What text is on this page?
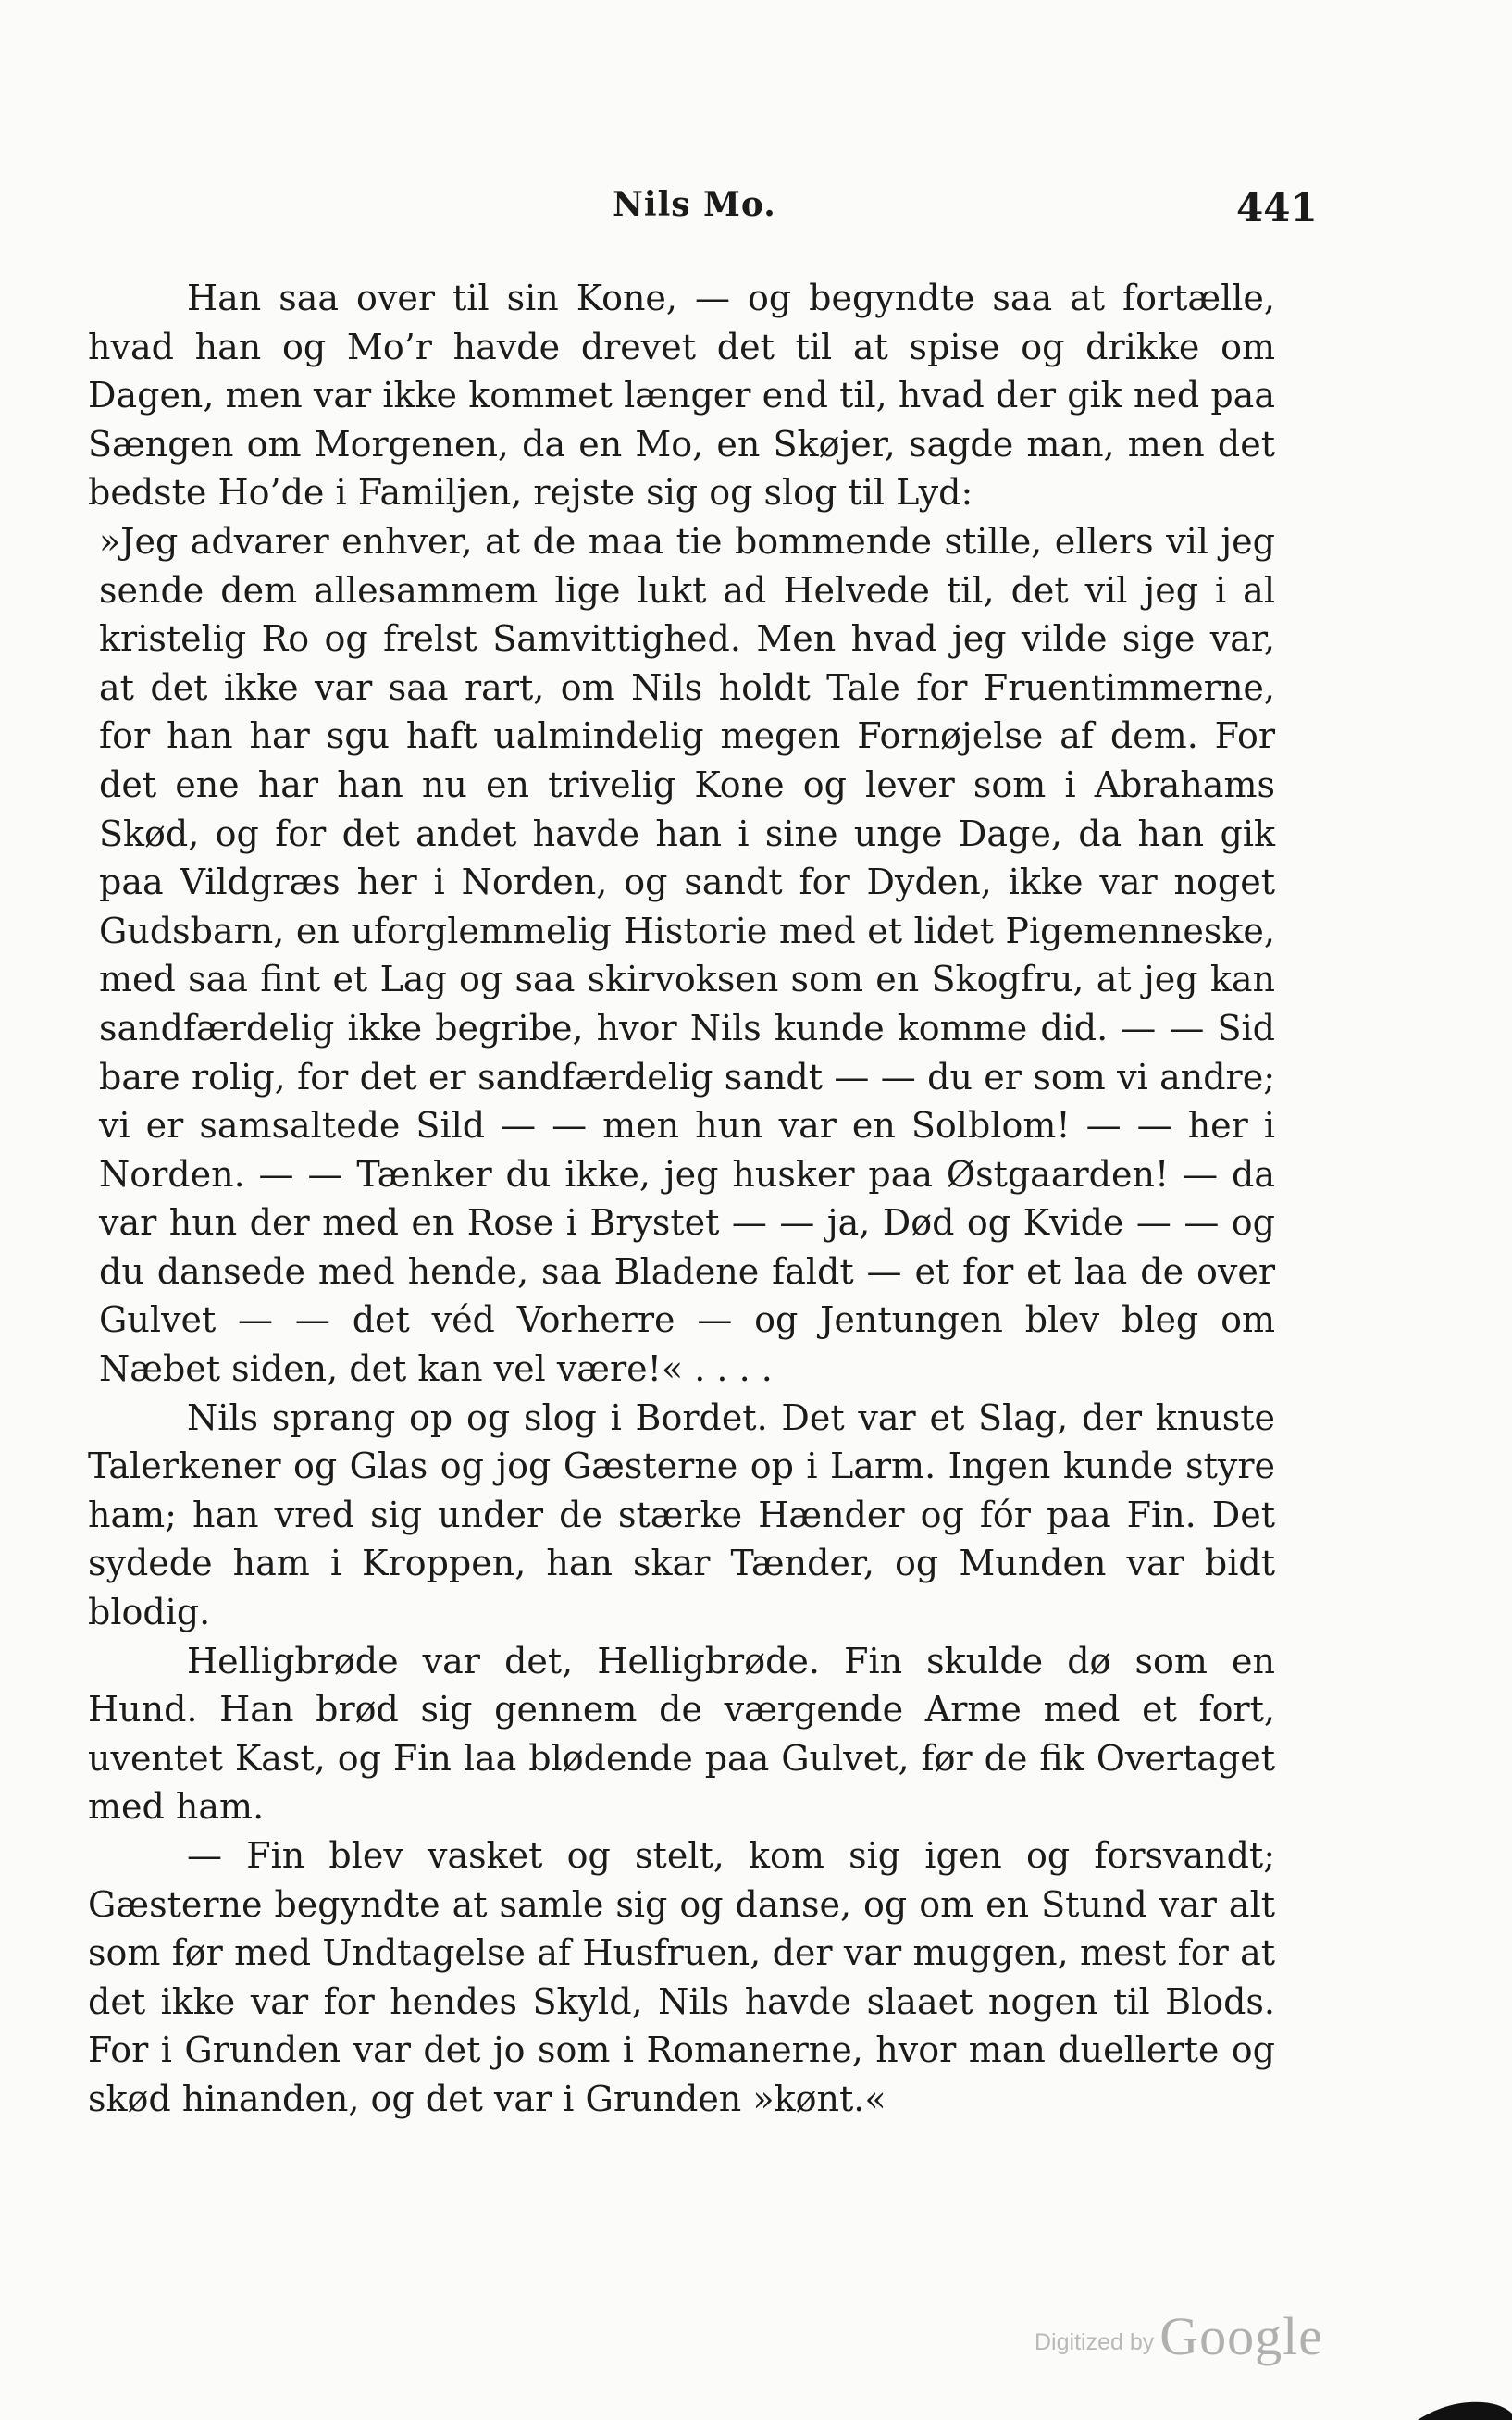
Nils Mo.	441

Han saa over til sin Kone, — og begyndte saa at fortælle, hvad han og Mo’r havde drevet det til at spise og drikke om Dagen, men var ikke kommet længer end til, hvad der gik ned paa Sængen om Morgenen, da en Mo, en Skøjer, sagde man, men det bedste Ho’de i Familjen, rejste sig og slog til Lyd:

»Jeg advarer enhver, at de maa tie bommende stille, ellers vil jeg sende dem allesammem lige lukt ad Helvede til, det vil jeg i al kristelig Ro og frelst Samvittighed. Men hvad jeg vilde sige var, at det ikke var saa rart, om Nils holdt Tale for Fruentimmerne, for han har sgu haft ualmindelig megen Fornøjelse af dem. For det ene har han nu en trivelig Kone og lever som i Abrahams Skød, og for det andet havde han i sine unge Dage, da han gik paa Vildgræs her i Norden, og sandt for Dyden, ikke var noget Gudsbarn, en uforglemmelig Historie med et lidet Pigemenneske, med saa fint et Lag og saa skirvoksen som en Skogfru, at jeg kan sandfærdelig ikke begribe, hvor Nils kunde komme did. — — Sid bare rolig, for det er sandfærdelig sandt — — du er som vi andre; vi er samsaltede Sild — — men hun var en Solblom! — — her i Norden. — — Tænker du ikke, jeg husker paa Østgaarden! — da var hun der med en Rose i Brystet — — ja, Død og Kvide — — og du dansede med hende, saa Bladene faldt — et for et laa de over Gulvet — — det véd Vorherre — og Jentungen blev bleg om Næbet siden, det kan vel være!« . . . .

Nils sprang op og slog i Bordet. Det var et Slag, der knuste Talerkener og Glas og jog Gæsterne op i Larm. Ingen kunde styre ham; han vred sig under de stærke Hænder og fór paa Fin. Det sydede ham i Kroppen, han skar Tænder, og Munden var bidt blodig.

Helligbrøde var det, Helligbrøde. Fin skulde dø som en Hund. Han brød sig gennem de værgende Arme med et fort, uventet Kast, og Fin laa blødende paa Gulvet, før de fik Overtaget med ham.

— Fin blev vasket og stelt, kom sig igen og forsvandt; Gæsterne begyndte at samle sig og danse, og om en Stund var alt som før med Undtagelse af Husfruen, der var muggen, mest for at det ikke var for hendes Skyld, Nils havde slaaet nogen til Blods. For i Grunden var det jo som i Romanerne, hvor man duellerte og skød hinanden, og det var i Grunden »kønt.«

Digitized by Google
